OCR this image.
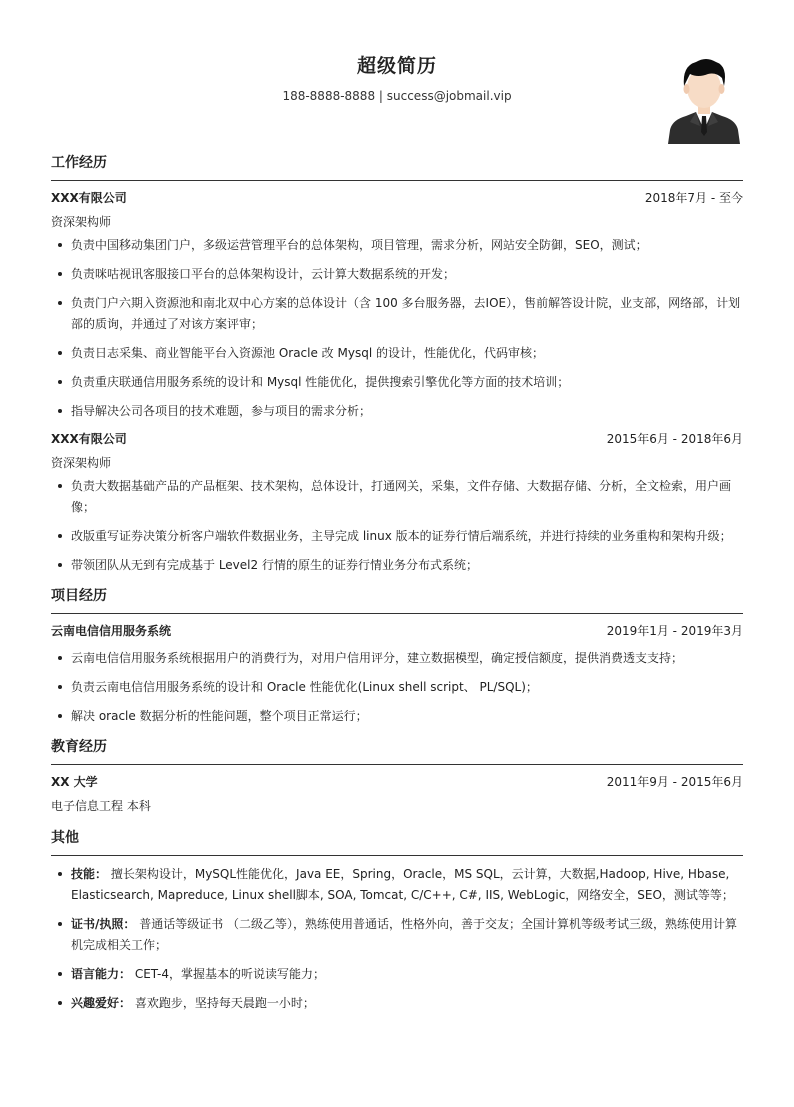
超级简历
188-8888-8888 | success@jobmail.vip
工作经历
XXX有限公司	2018年7月 - 至今
资深架构师
负责中国移动集团门户，多级运营管理平台的总体架构，项目管理，需求分析，网站安全防御，SEO，测试；
负责咪咕视讯客服接口平台的总体架构设计，云计算大数据系统的开发；
负责门户六期入资源池和南北双中心方案的总体设计（含 100 多台服务器，去IOE），售前解答设计院，业支部，网络部，计划部的质询，并通过了对该方案评审；
负责日志采集、商业智能平台入资源池 Oracle 改 Mysql 的设计，性能优化，代码审核；
负责重庆联通信用服务系统的设计和 Mysql 性能优化，提供搜索引擎优化等方面的技术培训；
指导解决公司各项目的技术难题，参与项目的需求分析；
XXX有限公司	2015年6月 - 2018年6月
资深架构师
负责大数据基础产品的产品框架、技术架构，总体设计，打通网关，采集，文件存储、大数据存储、分析，全文检索，用户画像；
改版重写证券决策分析客户端软件数据业务，主导完成 linux 版本的证券行情后端系统，并进行持续的业务重构和架构升级；
带领团队从无到有完成基于 Level2 行情的原生的证券行情业务分布式系统；
项目经历
云南电信信用服务系统	2019年1月 - 2019年3月
云南电信信用服务系统根据用户的消费行为，对用户信用评分，建立数据模型，确定授信额度，提供消费透支支持；
负责云南电信信用服务系统的设计和 Oracle 性能优化(Linux shell script、 PL/SQL)；
解决 oracle 数据分析的性能问题，整个项目正常运行；
教育经历
XX 大学	2011年9月 - 2015年6月
电子信息工程 本科
其他
技能： 擅长架构设计，MySQL性能优化，Java EE，Spring，Oracle，MS SQL，云计算，大数据,Hadoop, Hive, Hbase, Elasticsearch, Mapreduce, Linux shell脚本, SOA, Tomcat, C/C++, C#, IIS, WebLogic，网络安全，SEO，测试等等；
证书/执照： 普通话等级证书 （二级乙等），熟练使用普通话，性格外向，善于交友；全国计算机等级考试三级，熟练使用计算机完成相关工作；
语言能力： CET-4，掌握基本的听说读写能力；
兴趣爱好： 喜欢跑步，坚持每天晨跑一小时；
